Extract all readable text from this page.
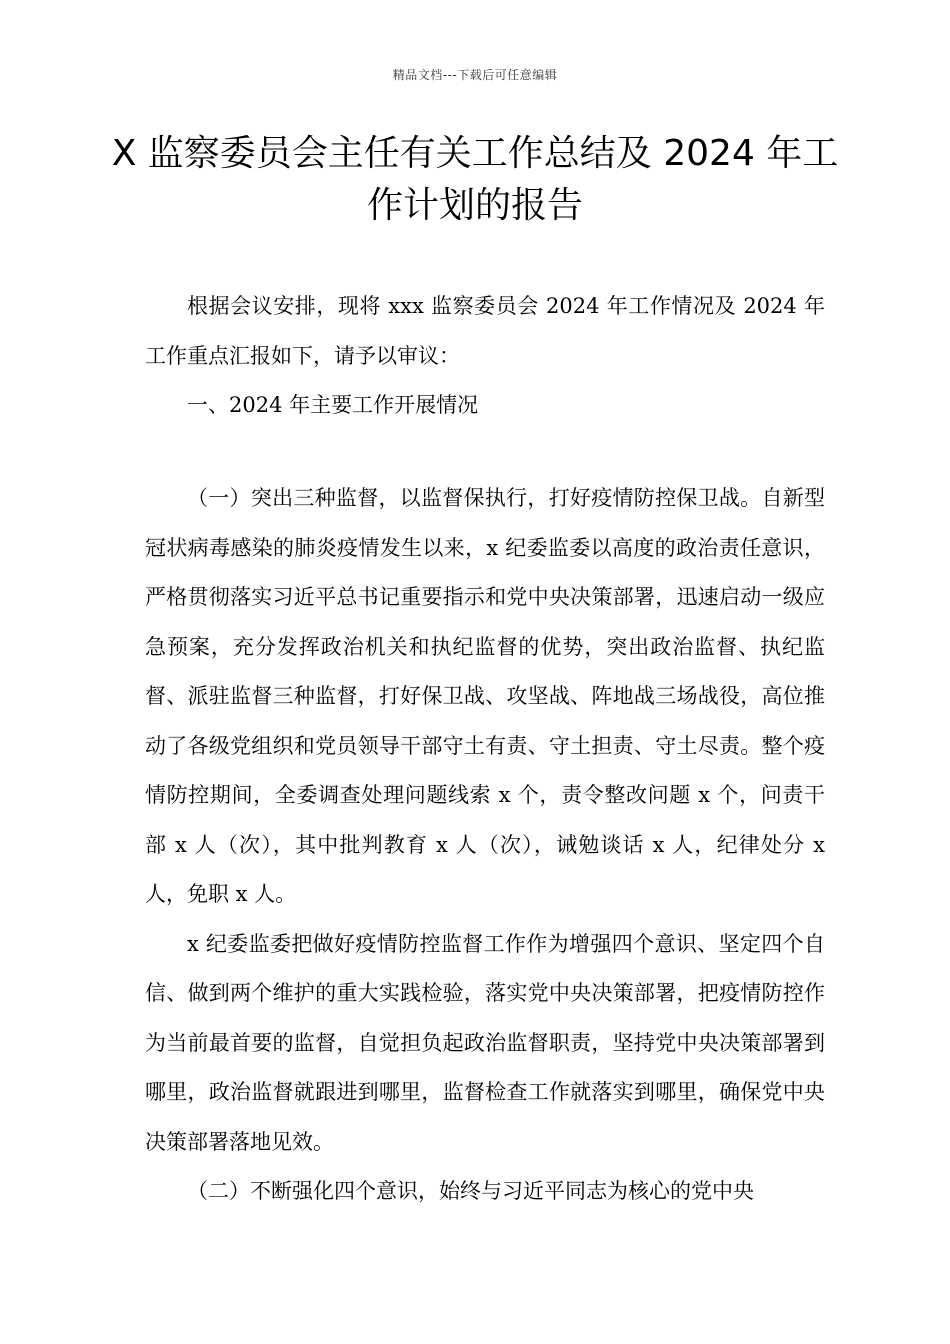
精品文档---下载后可任意编辑
X 监察委员会主任有关工作总结及 2024 年工作计划的报告

根据会议安排，现将 xxx 监察委员会 2024 年工作情况及 2024 年工作重点汇报如下，请予以审议：

一、2024 年主要工作开展情况

（一）突出三种监督，以监督保执行，打好疫情防控保卫战。自新型冠状病毒感染的肺炎疫情发生以来，x 纪委监委以高度的政治责任意识，严格贯彻落实习近平总书记重要指示和党中央决策部署，迅速启动一级应急预案，充分发挥政治机关和执纪监督的优势，突出政治监督、执纪监督、派驻监督三种监督，打好保卫战、攻坚战、阵地战三场战役，高位推动了各级党组织和党员领导干部守土有责、守土担责、守土尽责。整个疫情防控期间，全委调查处理问题线索 x 个，责令整改问题 x 个，问责干部 x 人（次），其中批判教育 x 人（次），诫勉谈话 x 人，纪律处分 x 人，免职 x 人。

x 纪委监委把做好疫情防控监督工作作为增强四个意识、坚定四个自信、做到两个维护的重大实践检验，落实党中央决策部署，把疫情防控作为当前最首要的监督，自觉担负起政治监督职责，坚持党中央决策部署到哪里，政治监督就跟进到哪里，监督检查工作就落实到哪里，确保党中央决策部署落地见效。

（二）不断强化四个意识，始终与习近平同志为核心的党中央
